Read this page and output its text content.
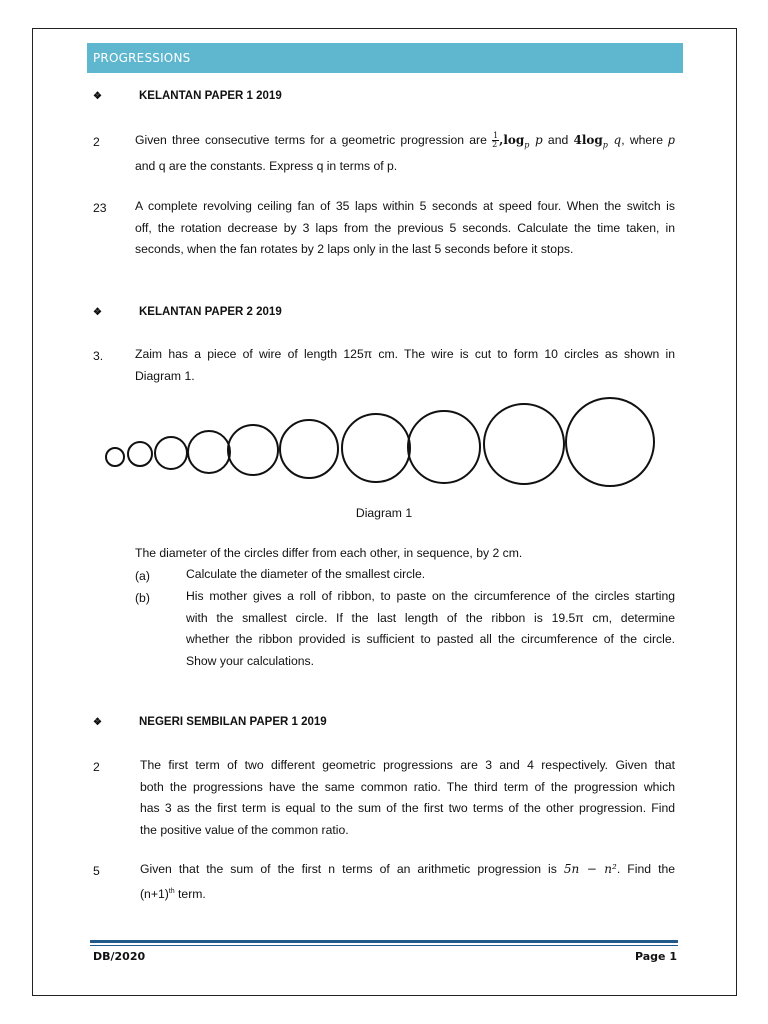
PROGRESSIONS
❖	KELANTAN PAPER 1 2019
2	Given three consecutive terms for a geometric progression are $\frac{1}{2} ,\log_p$ p and $4\log_p$ q, where p
and q are the constants. Express q in terms of p.
23 A complete revolving ceiling fan of 35 laps within 5 seconds at speed four. When the switch is
off, the rotation decrease by 3 laps from the previous 5 seconds. Calculate the time taken, in
seconds, when the fan rotates by 2 laps only in the last 5 seconds before it stops.
❖	KELANTAN PAPER 2 2019
3.	Zaim has a piece of wire of length 125π cm. The wire is cut to form 10 circles as shown in
Diagram 1.
Diagram 1
The diameter of the circles differ from each other, in sequence, by 2 cm.
(a)	Calculate the diameter of the smallest circle.
(b)	His mother gives a roll of ribbon, to paste on the circumference of the circles starting
with the smallest circle. If the last length of the ribbon is 19.5π cm, determine
whether the ribbon provided is sufficient to pasted all the circumference of the circle.
Show your calculations.
❖	NEGERI SEMBILAN PAPER 1 2019
2	The first term of two different geometric progressions are 3 and 4 respectively. Given that
both the progressions have the same common ratio. The third term of the progression which
has 3 as the first term is equal to the sum of the first two terms of the other progression. Find
the positive value of the common ratio.
5	Given that the sum of the first n terms of an arithmetic progression is 5n − n². Find the
$(n+1)^{th}$ term.
DB/2020	Page 1
